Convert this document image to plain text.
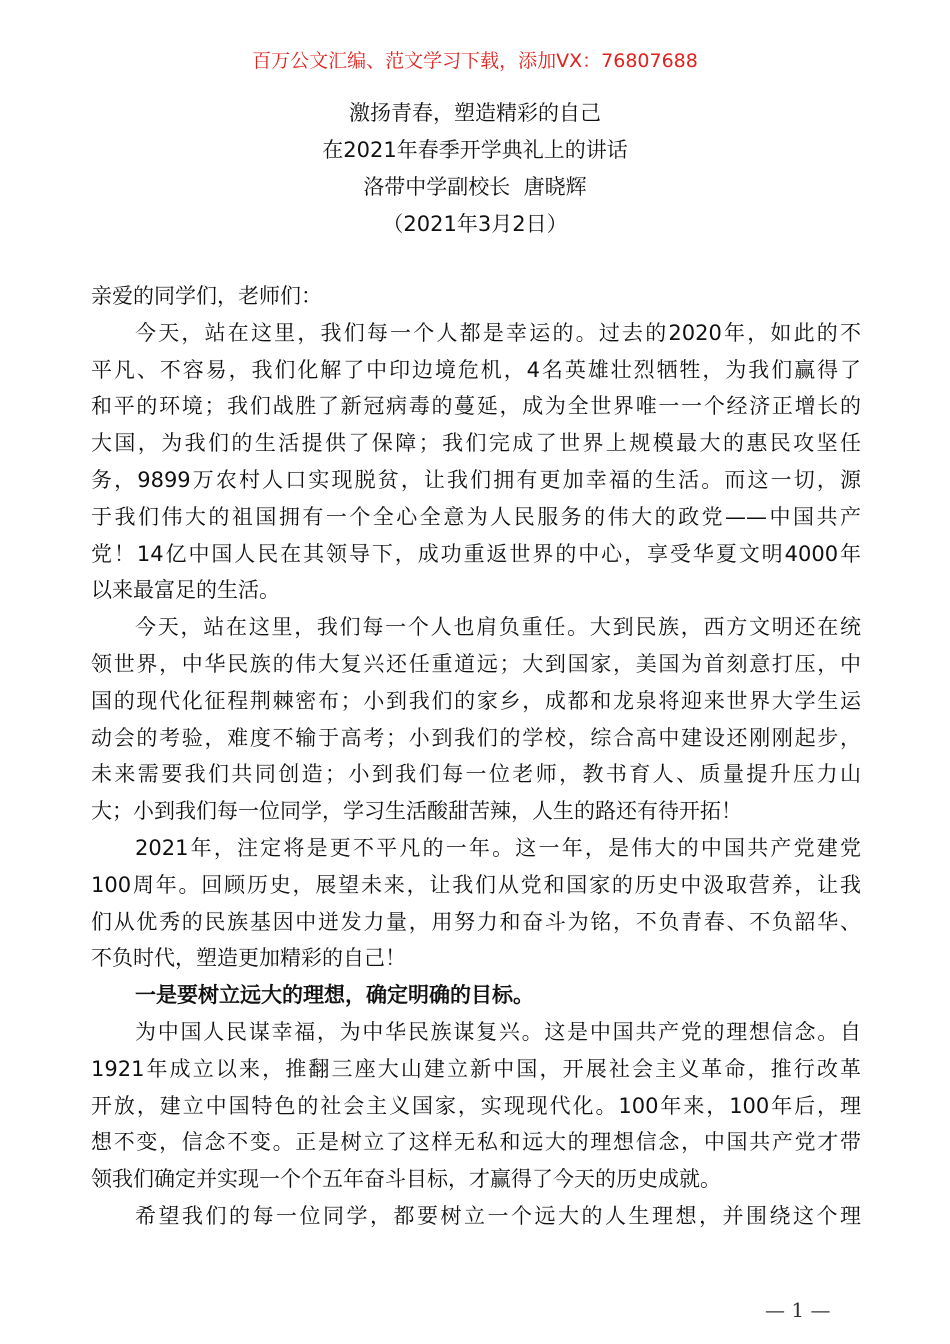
百万公文汇编、范文学习下载，添加VX：76807688
激扬青春，塑造精彩的自己
在2021年春季开学典礼上的讲话
洛带中学副校长  唐晓辉
（2021年3月2日）
亲爱的同学们，老师们：
今天，站在这里，我们每一个人都是幸运的。过去的2020年，如此的不
平凡、不容易，我们化解了中印边境危机，4名英雄壮烈牺牲，为我们赢得了
和平的环境；我们战胜了新冠病毒的蔓延，成为全世界唯一一个经济正增长的
大国，为我们的生活提供了保障；我们完成了世界上规模最大的惠民攻坚任
务，9899万农村人口实现脱贫，让我们拥有更加幸福的生活。而这一切，源
于我们伟大的祖国拥有一个全心全意为人民服务的伟大的政党——中国共产
党！14亿中国人民在其领导下，成功重返世界的中心，享受华夏文明4000年
以来最富足的生活。
今天，站在这里，我们每一个人也肩负重任。大到民族，西方文明还在统
领世界，中华民族的伟大复兴还任重道远；大到国家，美国为首刻意打压，中
国的现代化征程荆棘密布；小到我们的家乡，成都和龙泉将迎来世界大学生运
动会的考验，难度不输于高考；小到我们的学校，综合高中建设还刚刚起步，
未来需要我们共同创造；小到我们每一位老师，教书育人、质量提升压力山
大；小到我们每一位同学，学习生活酸甜苦辣，人生的路还有待开拓！
2021年，注定将是更不平凡的一年。这一年，是伟大的中国共产党建党
100周年。回顾历史，展望未来，让我们从党和国家的历史中汲取营养，让我
们从优秀的民族基因中迸发力量，用努力和奋斗为铭，不负青春、不负韶华、
不负时代，塑造更加精彩的自己！
一是要树立远大的理想，确定明确的目标。
为中国人民谋幸福，为中华民族谋复兴。这是中国共产党的理想信念。自
1921年成立以来，推翻三座大山建立新中国，开展社会主义革命，推行改革
开放，建立中国特色的社会主义国家，实现现代化。100年来，100年后，理
想不变，信念不变。正是树立了这样无私和远大的理想信念，中国共产党才带
领我们确定并实现一个个五年奋斗目标，才赢得了今天的历史成就。
希望我们的每一位同学，都要树立一个远大的人生理想，并围绕这个理
— 1 —
